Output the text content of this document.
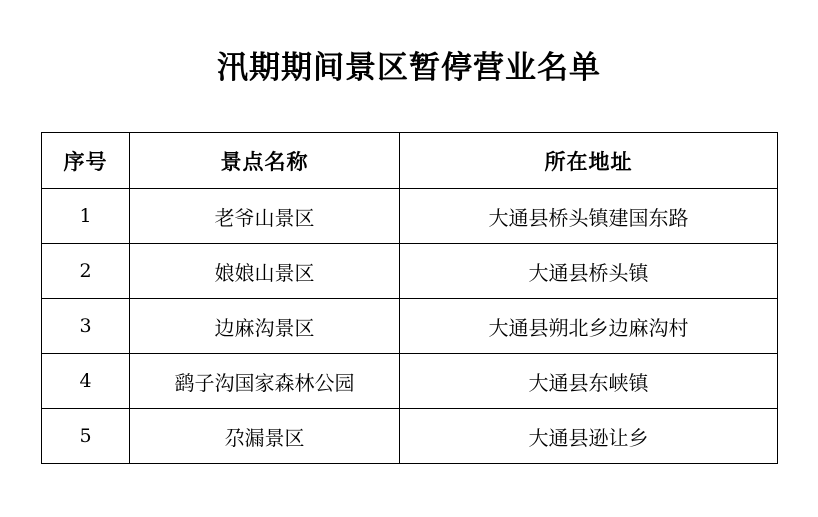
汛期期间景区暂停营业名单
序号	景点名称	所在地址
1	老爷山景区	大通县桥头镇建国东路
2	娘娘山景区	大通县桥头镇
3	边麻沟景区	大通县朔北乡边麻沟村
4	鹞子沟国家森林公园	大通县东峡镇
5	尕漏景区	大通县逊让乡
